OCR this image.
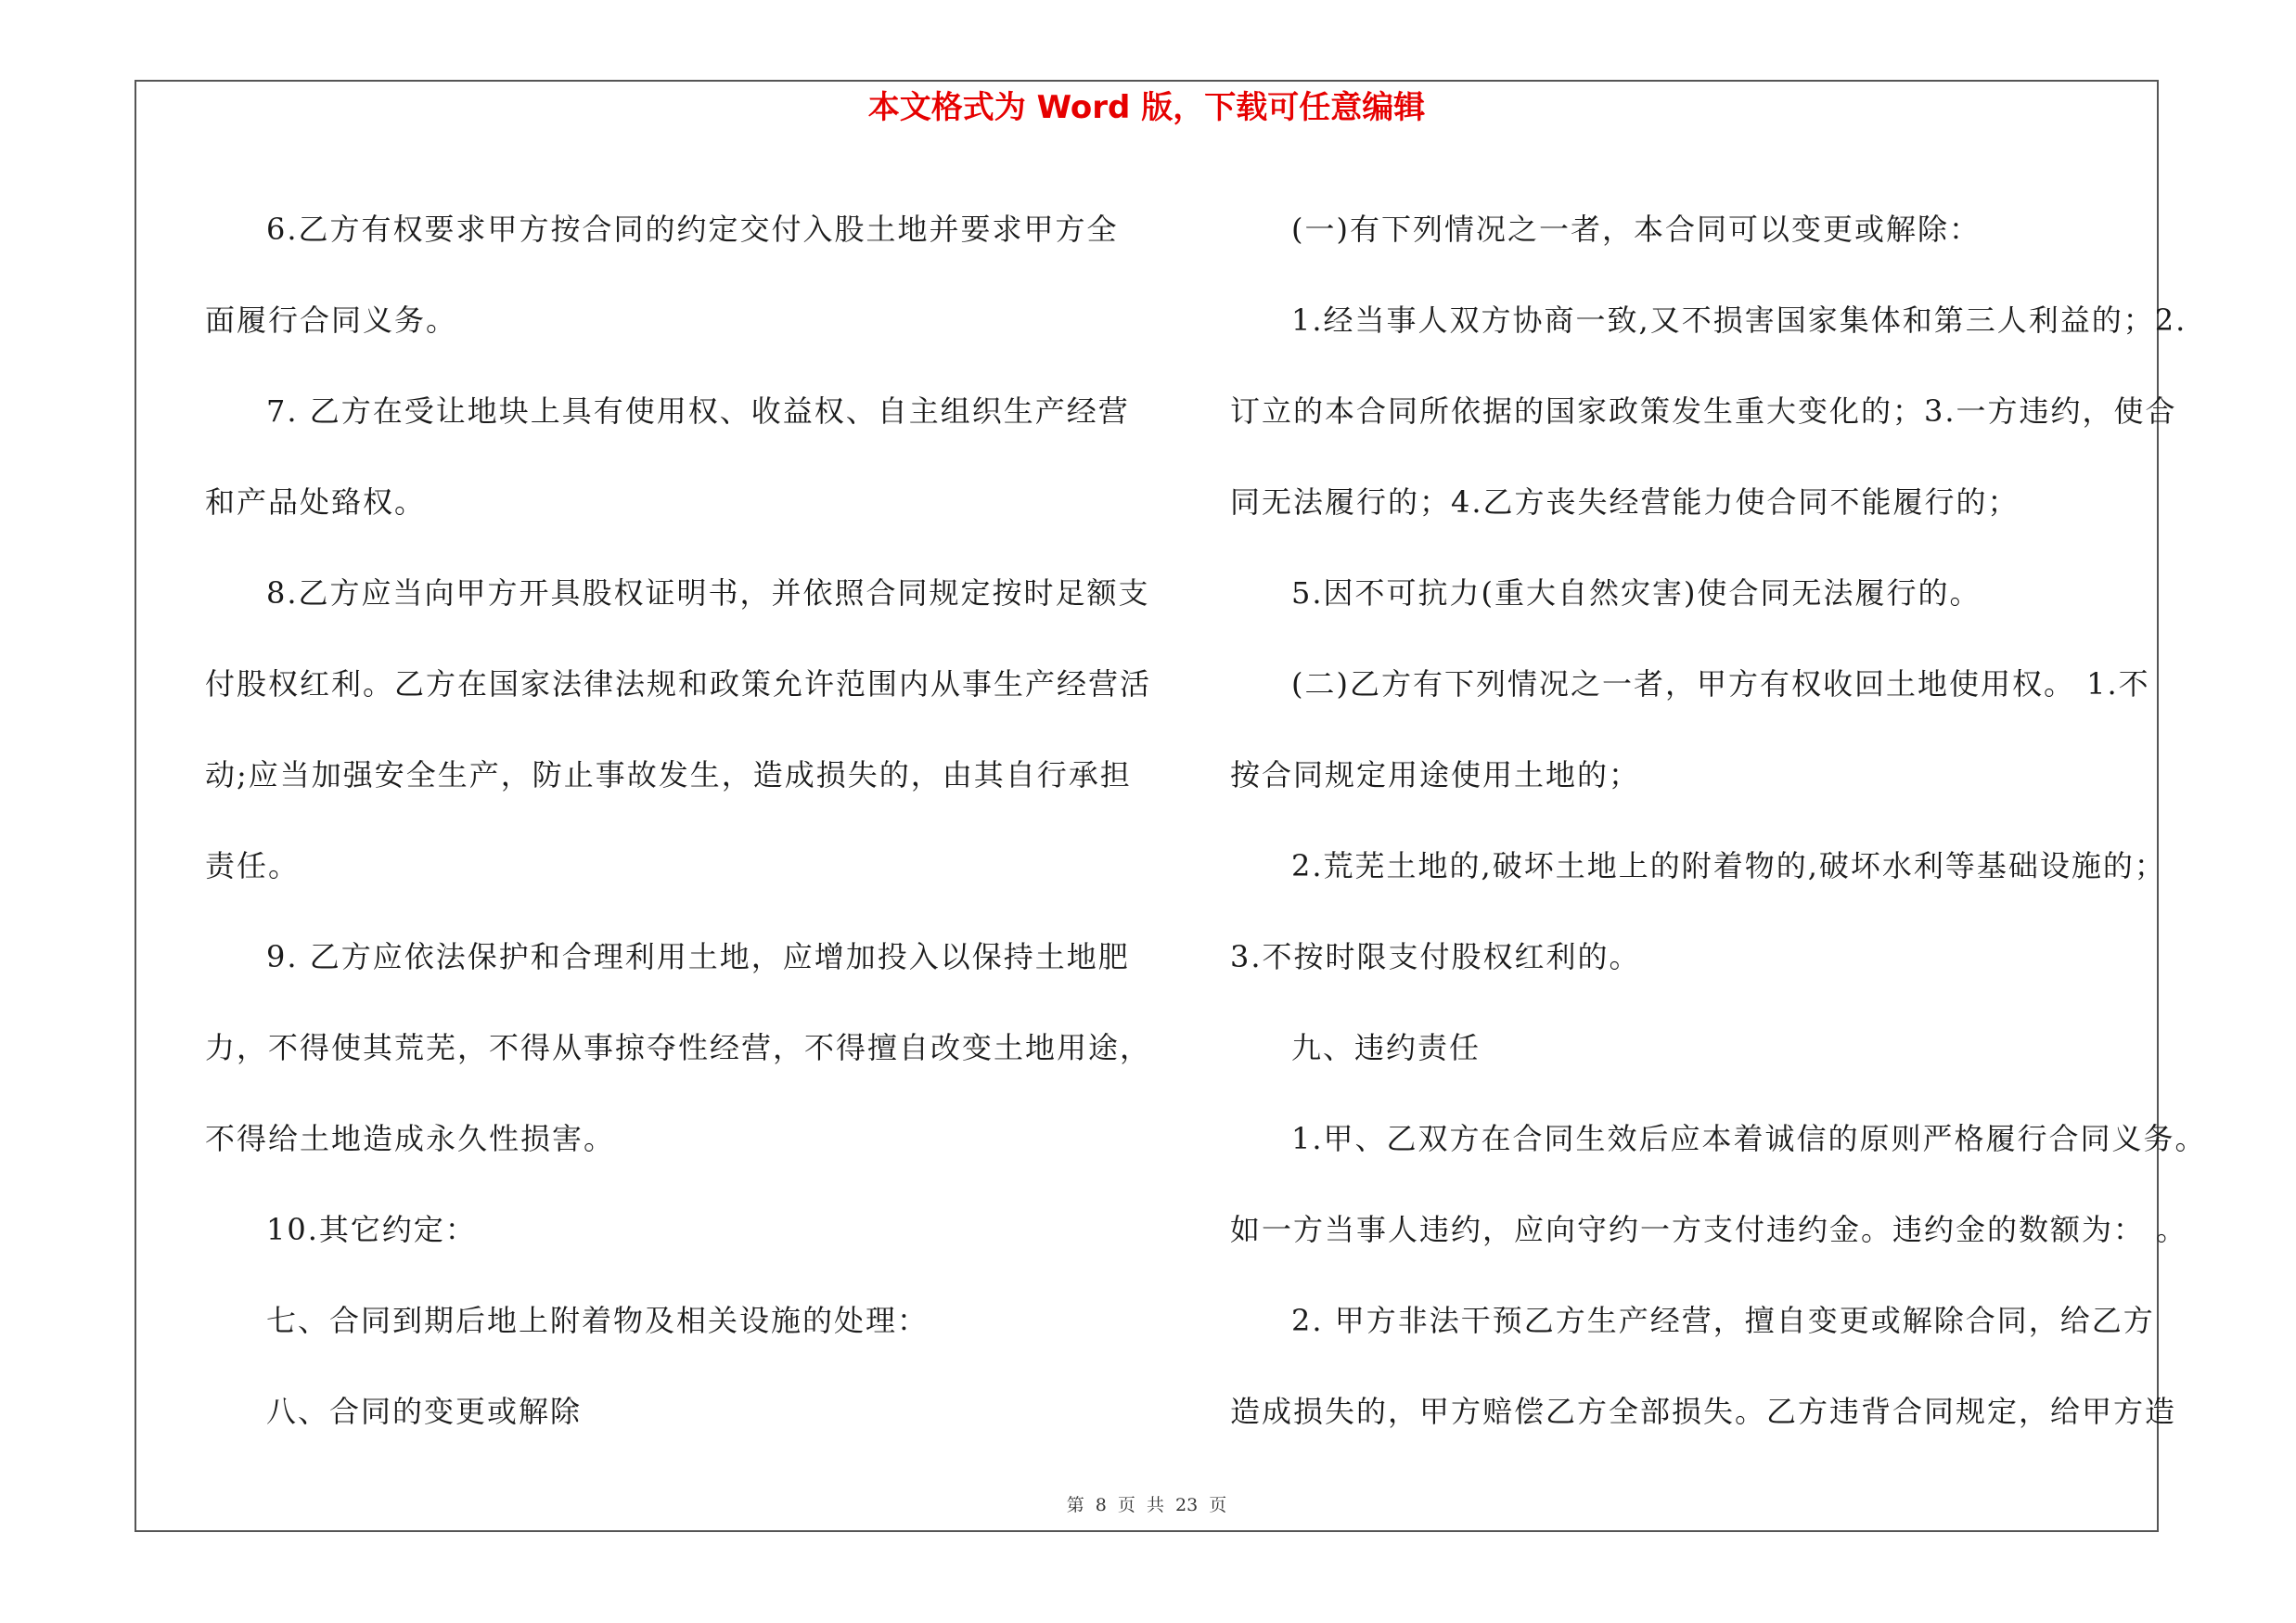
本文格式为 Word 版，下载可任意编辑
6.乙方有权要求甲方按合同的约定交付入股土地并要求甲方全
面履行合同义务。
7. 乙方在受让地块上具有使用权、收益权、自主组织生产经营
和产品处臵权。
8.乙方应当向甲方开具股权证明书，并依照合同规定按时足额支
付股权红利。乙方在国家法律法规和政策允许范围内从事生产经营活
动;应当加强安全生产，防止事故发生，造成损失的，由其自行承担
责任。
9. 乙方应依法保护和合理利用土地，应增加投入以保持土地肥
力，不得使其荒芜，不得从事掠夺性经营，不得擅自改变土地用途，
不得给土地造成永久性损害。
10.其它约定：
七、合同到期后地上附着物及相关设施的处理：
八、合同的变更或解除
(一)有下列情况之一者，本合同可以变更或解除：
1.经当事人双方协商一致,又不损害国家集体和第三人利益的；2.
订立的本合同所依据的国家政策发生重大变化的；3.一方违约，使合
同无法履行的；4.乙方丧失经营能力使合同不能履行的；
5.因不可抗力(重大自然灾害)使合同无法履行的。
(二)乙方有下列情况之一者，甲方有权收回土地使用权。 1.不
按合同规定用途使用土地的；
2.荒芜土地的,破坏土地上的附着物的,破坏水利等基础设施的；
3.不按时限支付股权红利的。
九、违约责任
1.甲、乙双方在合同生效后应本着诚信的原则严格履行合同义务。
如一方当事人违约，应向守约一方支付违约金。违约金的数额为： 。
2. 甲方非法干预乙方生产经营，擅自变更或解除合同，给乙方
造成损失的，甲方赔偿乙方全部损失。乙方违背合同规定，给甲方造
第 8 页 共 23 页
